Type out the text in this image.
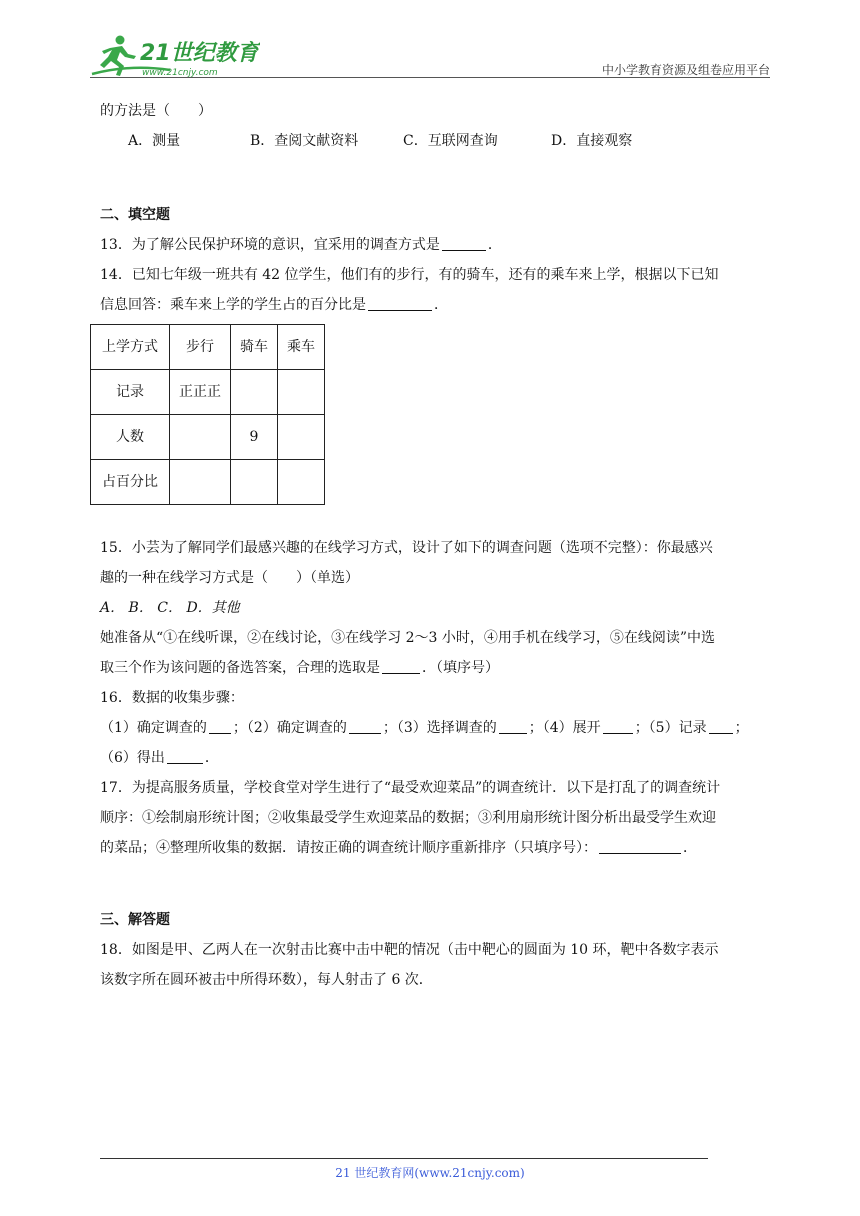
21世纪教育
www.21cnjy.com	中小学教育资源及组卷应用平台
的方法是（　　）
A．测量	B．查阅文献资料	C．互联网查询	D．直接观察
二、填空题
13．为了解公民保护环境的意识，宜采用的调查方式是	．
14．已知七年级一班共有 42 位学生，他们有的步行，有的骑车，还有的乘车来上学，根据以下已知
信息回答：乘车来上学的学生占的百分比是	．
上学方式	步行	骑车	乘车
记录	正正正		
人数		9	
占百分比			
15．小芸为了解同学们最感兴趣的在线学习方式，设计了如下的调查问题（选项不完整）：你最感兴
趣的一种在线学习方式是（　　）（单选）
A． B． C． D．其他
她准备从“①在线听课，②在线讨论，③在线学习 2～3 小时，④用手机在线学习，⑤在线阅读”中选
取三个作为该问题的备选答案，合理的选取是	．（填序号）
16．数据的收集步骤：
（1）确定调查的 ；（2）确定调查的	；（3）选择调查的 ；（4）展开 ；（5）记录 ；
（6）得出	．
17．为提高服务质量，学校食堂对学生进行了“最受欢迎菜品”的调查统计．以下是打乱了的调查统计
顺序：①绘制扇形统计图；②收集最受学生欢迎菜品的数据；③利用扇形统计图分析出最受学生欢迎
的菜品；④整理所收集的数据．请按正确的调查统计顺序重新排序（只填序号）：	．
三、解答题
18．如图是甲、乙两人在一次射击比赛中击中靶的情况（击中靶心的圆面为 10 环，靶中各数字表示
该数字所在圆环被击中所得环数），每人射击了 6 次．
21 世纪教育网(www.21cnjy.com)
